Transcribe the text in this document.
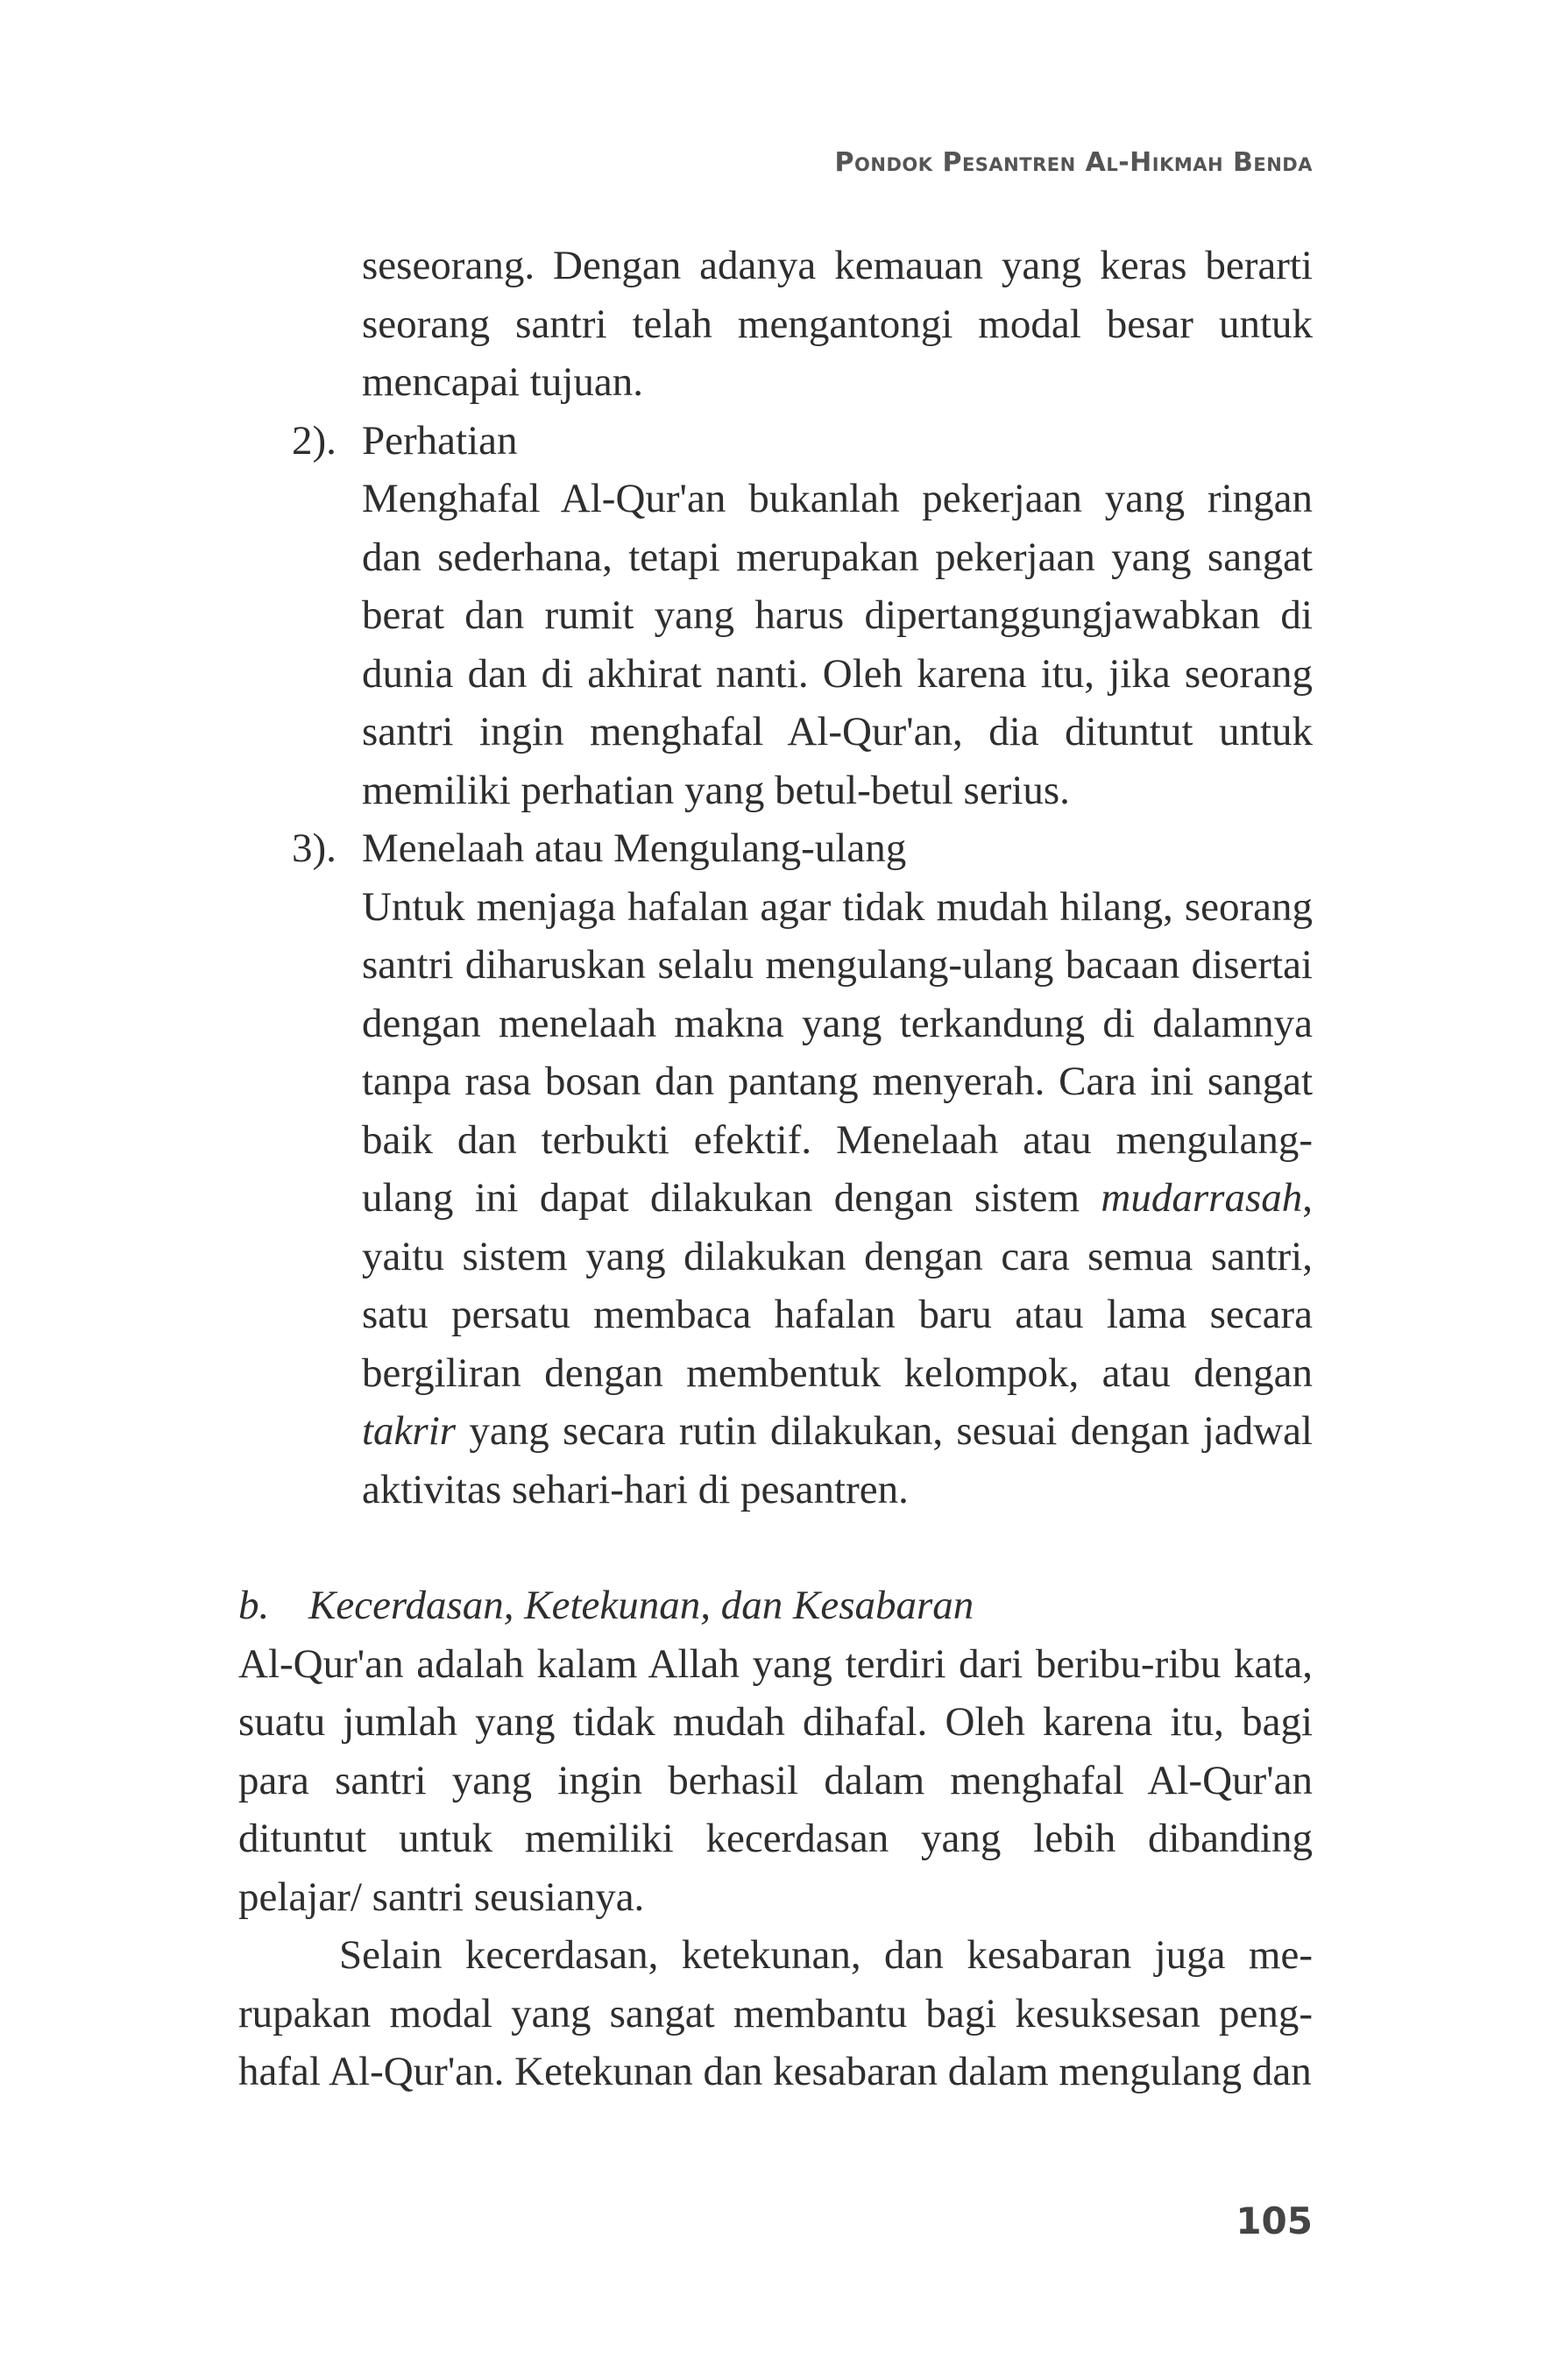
Pondok Pesantren Al-Hikmah Benda

seseorang. Dengan adanya kemauan yang keras berarti seorang santri telah mengantongi modal besar untuk mencapai tujuan.

2). Perhatian

Menghafal Al-Qur'an bukanlah pekerjaan yang ringan dan sederhana, tetapi merupakan pekerjaan yang sangat berat dan rumit yang harus dipertanggungjawabkan di dunia dan di akhirat nanti. Oleh karena itu, jika seorang santri ingin menghafal Al-Qur'an, dia dituntut untuk memiliki perhatian yang betul-betul serius.

3). Menelaah atau Mengulang-ulang

Untuk menjaga hafalan agar tidak mudah hilang, seorang santri diharuskan selalu mengulang-ulang bacaan disertai dengan menelaah makna yang terkandung di dalamnya tanpa rasa bosan dan pantang menyerah. Cara ini sangat baik dan terbukti efektif. Menelaah atau mengulang-ulang ini dapat dilakukan dengan sistem mudarrasah, yaitu sistem yang dilakukan dengan cara semua santri, satu persatu membaca hafalan baru atau lama secara bergiliran dengan membentuk kelompok, atau dengan takrir yang secara rutin dilakukan, sesuai dengan jadwal aktivitas sehari-hari di pesantren.

b. Kecerdasan, Ketekunan, dan Kesabaran

Al-Qur'an adalah kalam Allah yang terdiri dari beribu-ribu kata, suatu jumlah yang tidak mudah dihafal. Oleh karena itu, bagi para santri yang ingin berhasil dalam menghafal Al-Qur'an dituntut untuk memiliki kecerdasan yang lebih dibanding pelajar/ santri seusianya.

Selain kecerdasan, ketekunan, dan kesabaran juga me-rupakan modal yang sangat membantu bagi kesuksesan peng-hafal Al-Qur'an. Ketekunan dan kesabaran dalam mengulang dan

105
